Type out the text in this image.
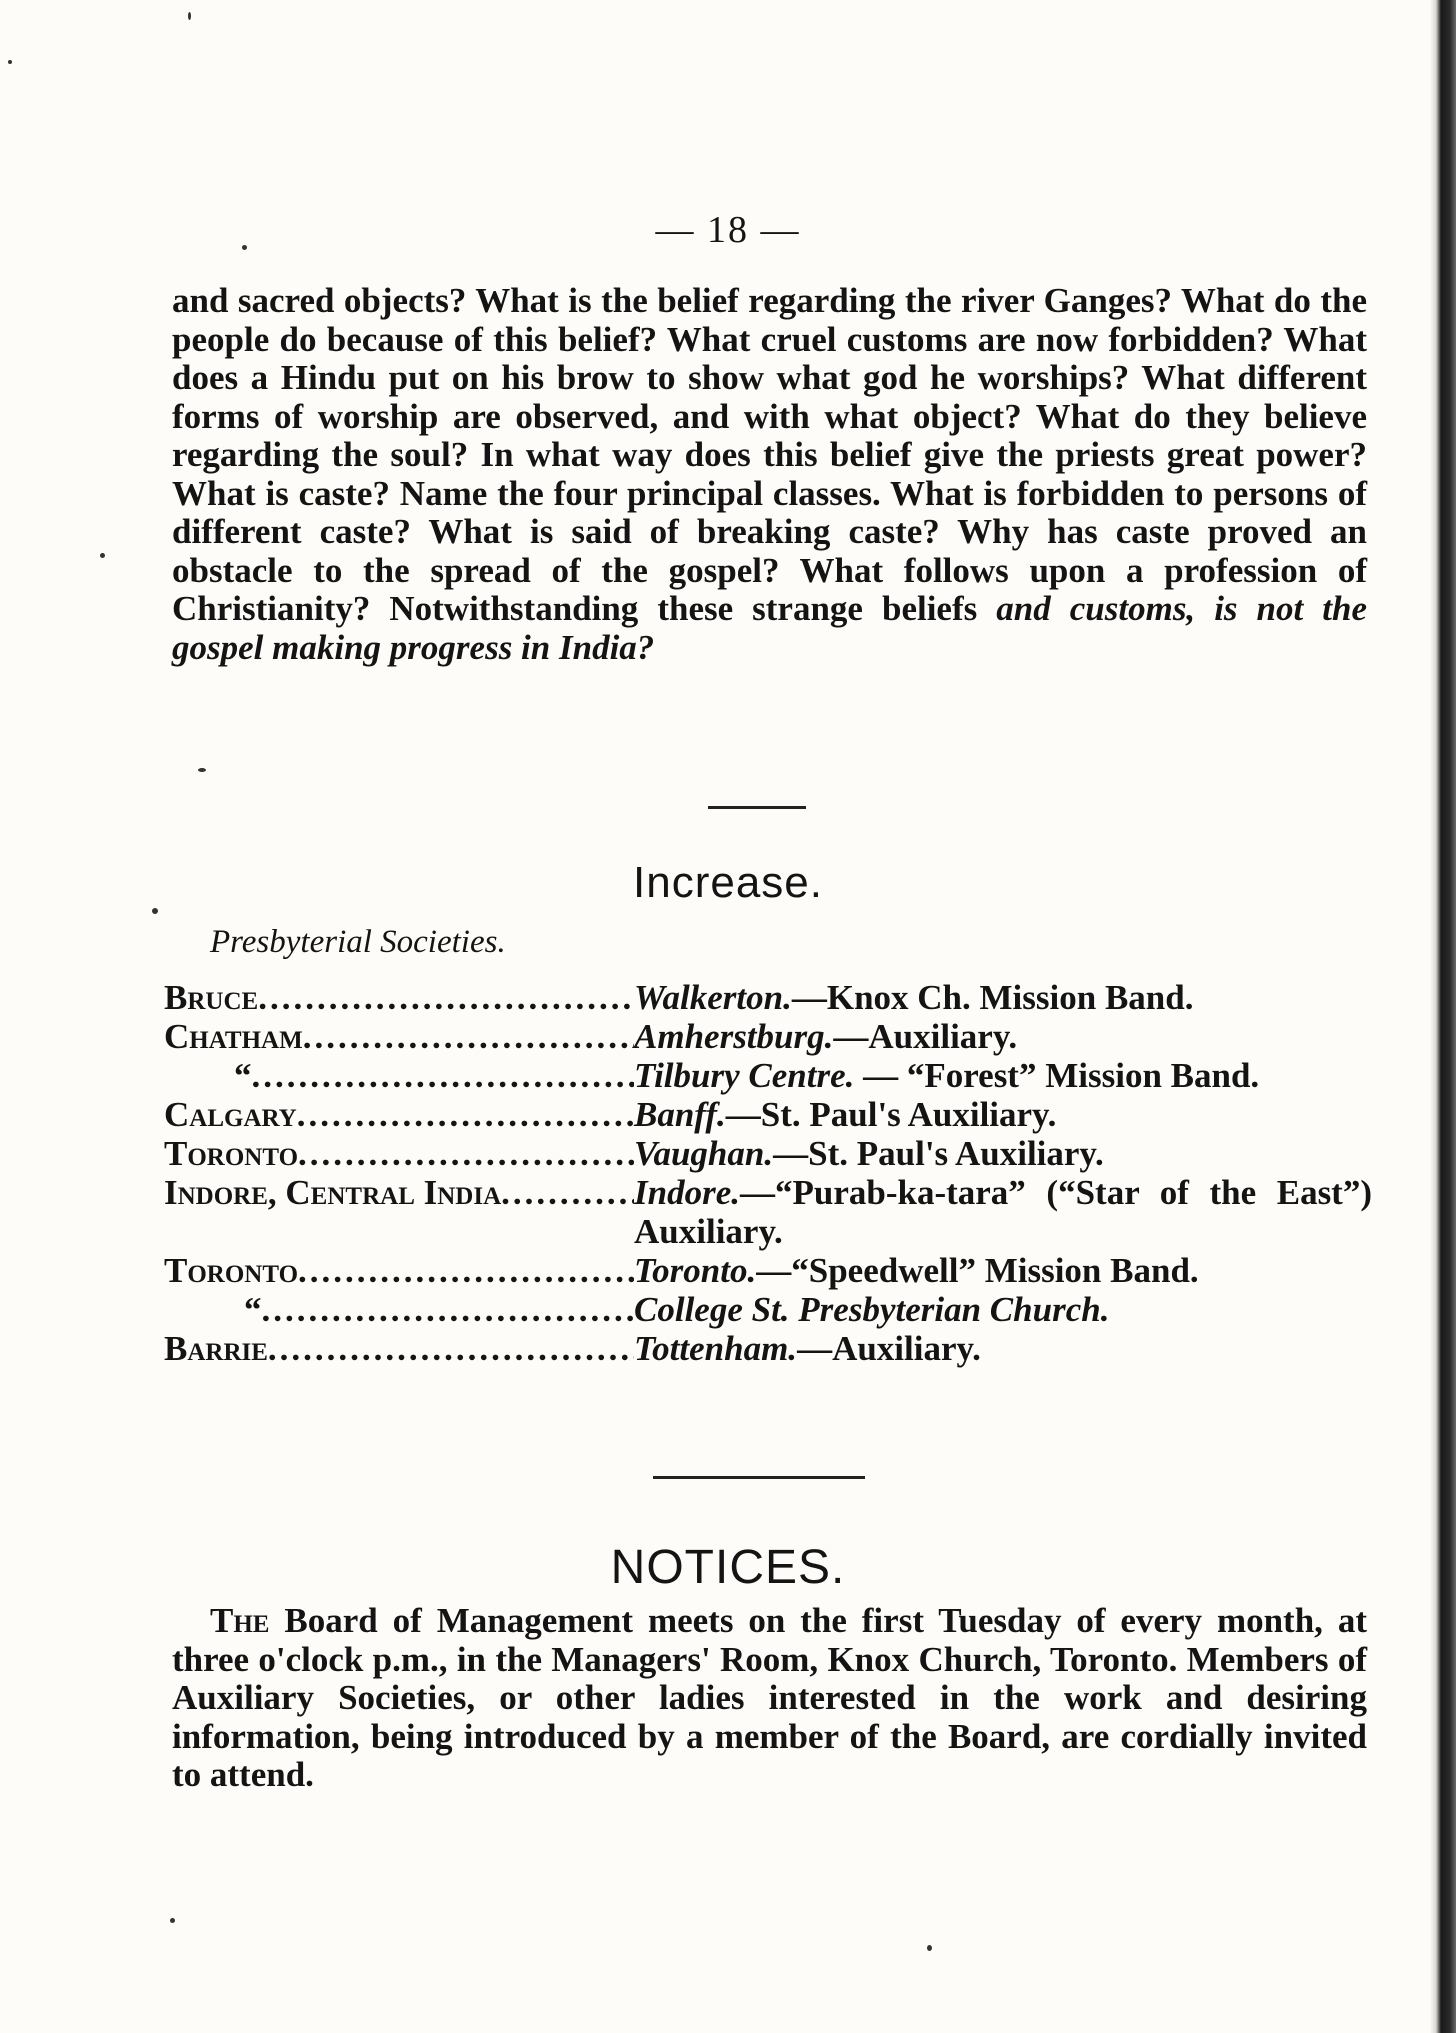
— 18 —

and sacred objects? What is the belief regarding the river Ganges? What do the people do because of this belief? What cruel customs are now forbidden? What does a Hindu put on his brow to show what god he worships? What different forms of worship are observed, and with what object? What do they believe regarding the soul? In what way does this belief give the priests great power? What is caste? Name the four principal classes. What is forbidden to persons of different caste? What is said of breaking caste? Why has caste proved an obstacle to the spread of the gospel? What follows upon a profession of Christianity? Notwithstanding these strange beliefs and customs, is not the gospel making progress in India?

Increase.
Presbyterial Societies.
Bruce .....	Walkerton.—Knox Ch. Mission Band.
Chatham .....	Amherstburg.—Auxiliary.
“ .....	Tilbury Centre. — “Forest” Mission Band.
Calgary .....	Banff.—St. Paul's Auxiliary.
Toronto .....	Vaughan.—St. Paul's Auxiliary.
Indore, Central India .....	Indore.—“Purab-ka-tara” (“Star of the East”) Auxiliary.
Toronto .....	Toronto.—“Speedwell” Mission Band.
“ .....	College St. Presbyterian Church.
Barrie .....	Tottenham.—Auxiliary.
NOTICES.

The Board of Management meets on the first Tuesday of every month, at three o'clock p.m., in the Managers' Room, Knox Church, Toronto. Members of Auxiliary Societies, or other ladies interested in the work and desiring information, being introduced by a member of the Board, are cordially invited to attend.
